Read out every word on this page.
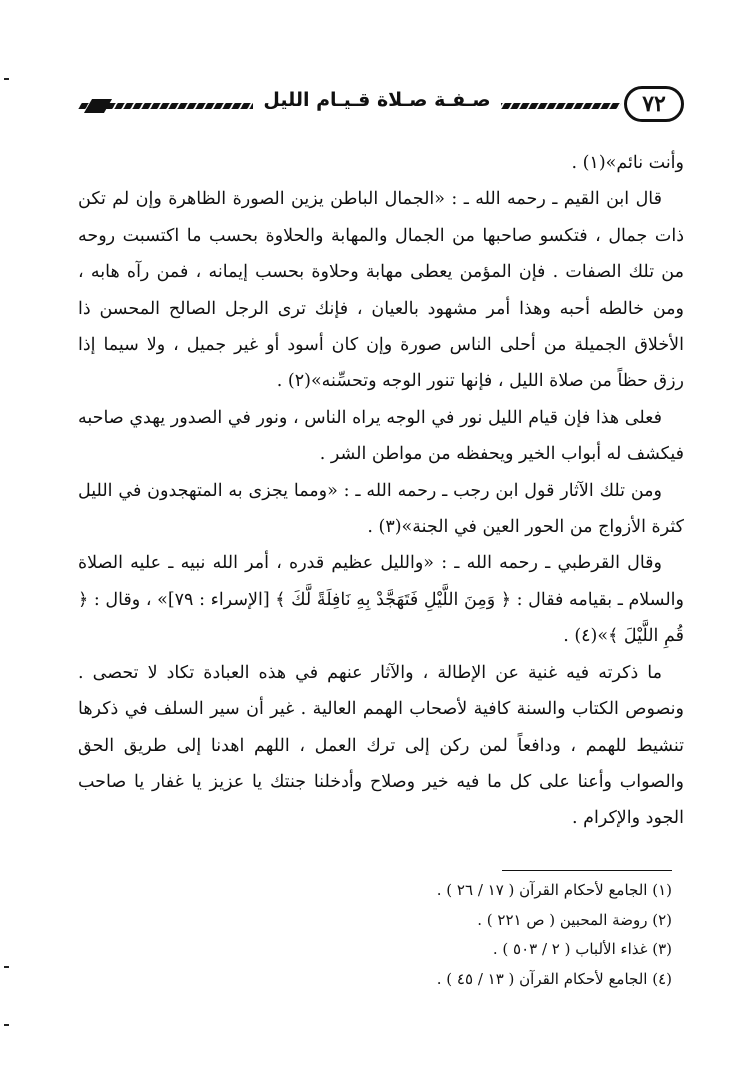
صـفـة صـلاة قـيـام الليل	٧٢

وأنت نائم»(١) .

قال ابن القيم ـ رحمه الله ـ : «الجمال الباطن يزين الصورة الظاهرة وإن لم تكن ذات جمال ، فتكسو صاحبها من الجمال والمهابة والحلاوة بحسب ما اكتسبت روحه من تلك الصفات . فإن المؤمن يعطى مهابة وحلاوة بحسب إيمانه ، فمن رآه هابه ، ومن خالطه أحبه وهذا أمر مشهود بالعيان ، فإنك ترى الرجل الصالح المحسن ذا الأخلاق الجميلة من أحلى الناس صورة وإن كان أسود أو غير جميل ، ولا سيما إذا رزق حظاً من صلاة الليل ، فإنها تنور الوجه وتحسِّنه»(٢) .

فعلى هذا فإن قيام الليل نور في الوجه يراه الناس ، ونور في الصدور يهدي صاحبه فيكشف له أبواب الخير ويحفظه من مواطن الشر .

ومن تلك الآثار قول ابن رجب ـ رحمه الله ـ : «ومما يجزى به المتهجدون في الليل كثرة الأزواج من الحور العين في الجنة»(٣) .

وقال القرطبي ـ رحمه الله ـ : «والليل عظيم قدره ، أمر الله نبيه ـ عليه الصلاة والسلام ـ بقيامه فقال : ﴿ وَمِنَ اللَّيْلِ فَتَهَجَّدْ بِهِ نَافِلَةً لَّكَ ﴾ [الإسراء : ٧٩]» ، وقال : ﴿ قُمِ اللَّيْلَ ﴾»(٤) .

ما ذكرته فيه غنية عن الإطالة ، والآثار عنهم في هذه العبادة تكاد لا تحصى . ونصوص الكتاب والسنة كافية لأصحاب الهمم العالية . غير أن سير السلف في ذكرها تنشيط للهمم ، ودافعاً لمن ركن إلى ترك العمل ، اللهم اهدنا إلى طريق الحق والصواب وأعنا على كل ما فيه خير وصلاح وأدخلنا جنتك يا عزيز يا غفار يا صاحب الجود والإكرام .

(١) الجامع لأحكام القرآن ( ١٧ / ٢٦ ) .

(٢) روضة المحبين ( ص ٢٢١ ) .

(٣) غذاء الألباب ( ٢ / ٥٠٣ ) .

(٤) الجامع لأحكام القرآن ( ١٣ / ٤٥ ) .
